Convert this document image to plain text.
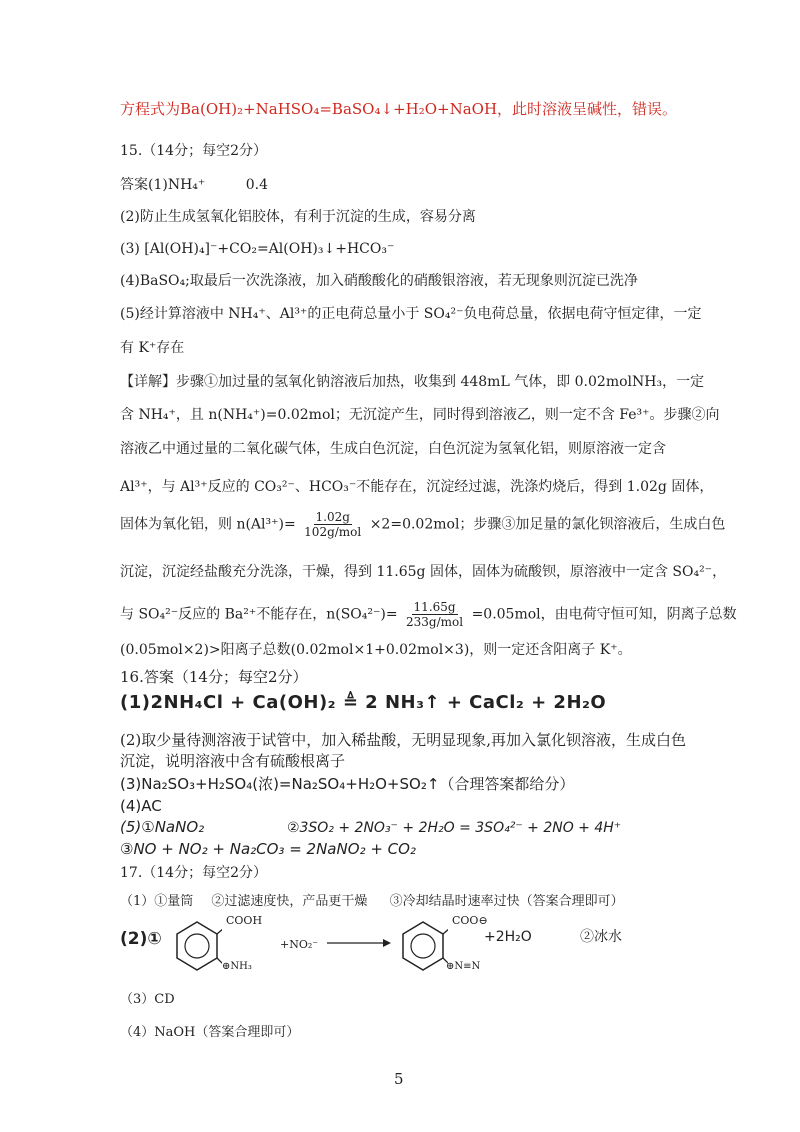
方程式为Ba(OH)₂+NaHSO₄=BaSO₄↓+H₂O+NaOH，此时溶液呈碱性，错误。
15.（14分；每空2分）
答案(1)NH₄⁺	0.4
(2)防止生成氢氧化铝胶体，有利于沉淀的生成，容易分离
(3) [Al(OH)₄]⁻+CO₂=Al(OH)₃↓+HCO₃⁻
(4)BaSO₄;取最后一次洗涤液，加入硝酸酸化的硝酸银溶液，若无现象则沉淀已洗净
(5)经计算溶液中 NH₄⁺、Al³⁺的正电荷总量小于 SO₄²⁻负电荷总量，依据电荷守恒定律，一定
有 K⁺存在
【详解】步骤①加过量的氢氧化钠溶液后加热，收集到 448mL 气体，即 0.02molNH₃，一定
含 NH₄⁺，且 n(NH₄⁺)=0.02mol；无沉淀产生，同时得到溶液乙，则一定不含 Fe³⁺。步骤②向
溶液乙中通过量的二氧化碳气体，生成白色沉淀，白色沉淀为氢氧化铝，则原溶液一定含
Al³⁺，与 Al³⁺反应的 CO₃²⁻、HCO₃⁻不能存在，沉淀经过滤，洗涤灼烧后，得到 1.02g 固体，
固体为氧化铝，则 $n(Al^{3+})= \frac{1.02g}{\text{102g/mol}} \times 2=0.02mol$；步骤③加足量的氯化钡溶液后，生成白色
沉淀，沉淀经盐酸充分洗涤，干燥，得到 11.65g 固体，固体为硫酸钡，原溶液中一定含 SO₄²⁻，
与 SO₄²⁻反应的 Ba²⁺不能存在，$n(SO_4^{2-})= \frac{11.65g}{\text{233g/mol}} =0.05mol$，由电荷守恒可知，阴离子总数
(0.05mol×2)>阳离子总数(0.02mol×1+0.02mol×3)，则一定还含阳离子 K⁺。
16.答案（14分；每空2分）
(1)2NH₄Cl + Ca(OH)₂ ≜ 2 NH₃↑ + CaCl₂ + 2H₂O
(2)取少量待测溶液于试管中，加入稀盐酸，无明显现象,再加入氯化钡溶液，生成白色
沉淀，说明溶液中含有硫酸根离子
(3)Na₂SO₃+H₂SO₄(浓)=Na₂SO₄+H₂O+SO₂↑（合理答案都给分）
(4)AC
(5)①NaNO₂	②3SO₂ + 2NO₃⁻ + 2H₂O = 3SO₄²⁻ + 2NO + 4H⁺
③NO + NO₂ + Na₂CO₃ = 2NaNO₂ + CO₂
17.（14分；每空2分）
（1）①量筒 ②过滤速度快，产品更干燥 ③冷却结晶时速率过快（答案合理即可）
(2)①
COOH
⊕NH₃
+NO₂⁻
COO⊖
⊕N≡N
+2H₂O	②冰水
（3）CD
（4）NaOH（答案合理即可）
5
